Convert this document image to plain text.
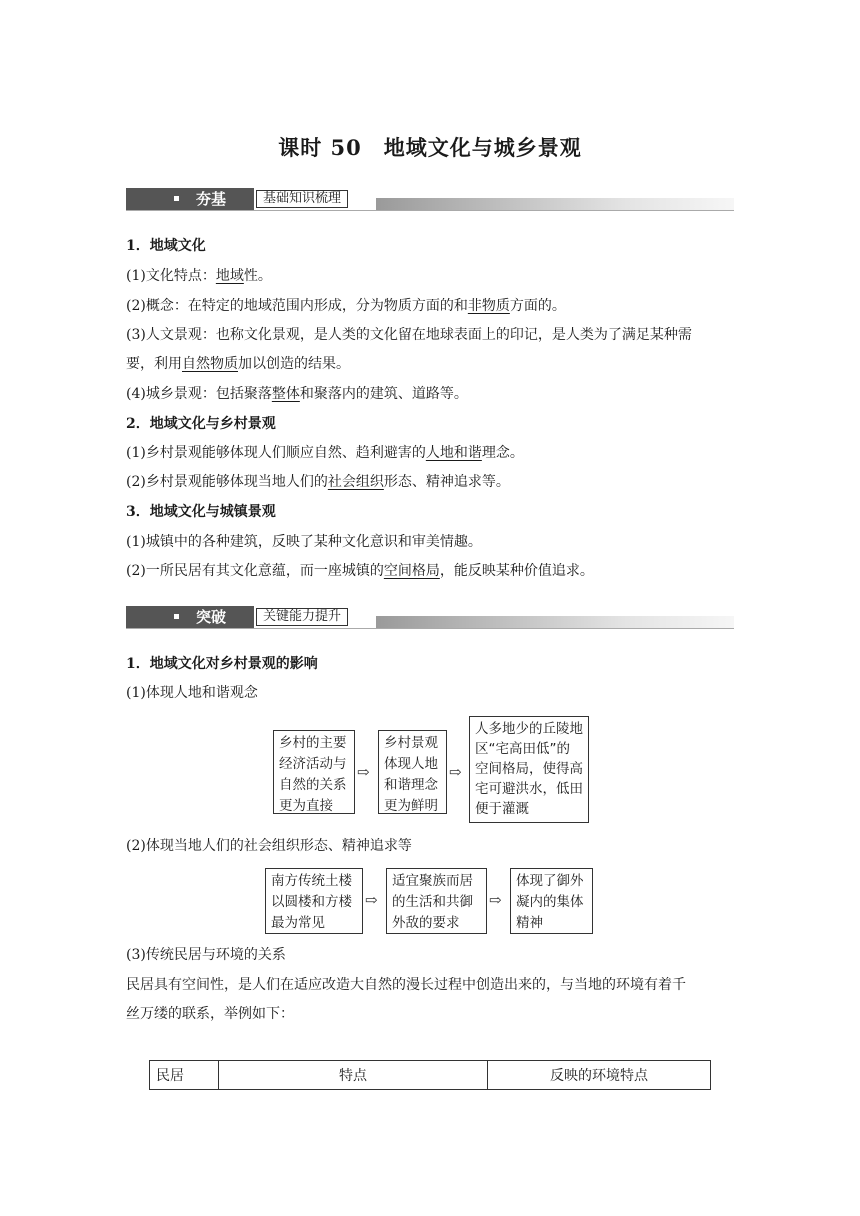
课时 50　地域文化与城乡景观
夯基	基础知识梳理
1．地域文化
(1)文化特点：地域性。
(2)概念：在特定的地域范围内形成，分为物质方面的和非物质方面的。
(3)人文景观：也称文化景观，是人类的文化留在地球表面上的印记，是人类为了满足某种需
要，利用自然物质加以创造的结果。
(4)城乡景观：包括聚落整体和聚落内的建筑、道路等。
2．地域文化与乡村景观
(1)乡村景观能够体现人们顺应自然、趋利避害的人地和谐理念。
(2)乡村景观能够体现当地人们的社会组织形态、精神追求等。
3．地域文化与城镇景观
(1)城镇中的各种建筑，反映了某种文化意识和审美情趣。
(2)一所民居有其文化意蕴，而一座城镇的空间格局，能反映某种价值追求。
突破	关键能力提升
1．地域文化对乡村景观的影响
(1)体现人地和谐观念
乡村的主要经济活动与自然的关系更为直接
⇨
乡村景观体现人地和谐理念更为鲜明
⇨
人多地少的丘陵地区“宅高田低”的空间格局，使得高宅可避洪水，低田便于灌溉
(2)体现当地人们的社会组织形态、精神追求等
南方传统土楼以圆楼和方楼最为常见
⇨
适宜聚族而居的生活和共御外敌的要求
⇨
体现了御外凝内的集体精神
(3)传统民居与环境的关系
民居具有空间性，是人们在适应改造大自然的漫长过程中创造出来的，与当地的环境有着千
丝万缕的联系，举例如下：
民居	特点	反映的环境特点
